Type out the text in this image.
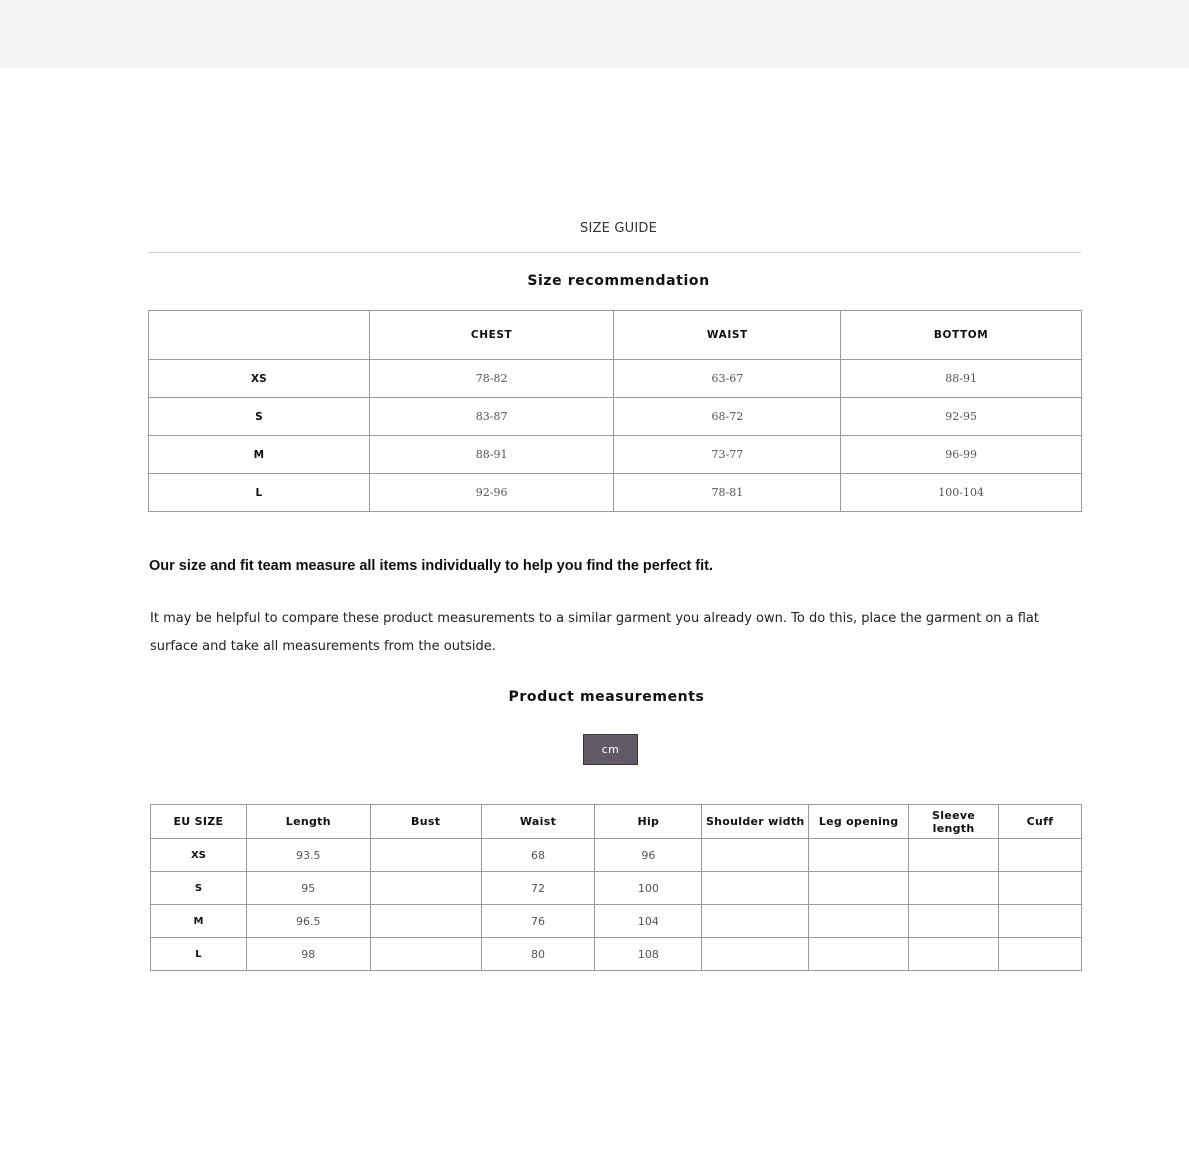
SIZE GUIDE
Size recommendation
	CHEST	WAIST	BOTTOM
XS	78-82	63-67	88-91
S	83-87	68-72	92-95
M	88-91	73-77	96-99
L	92-96	78-81	100-104
Our size and fit team measure all items individually to help you find the perfect fit.
It may be helpful to compare these product measurements to a similar garment you already own. To do this, place the garment on a flat surface and take all measurements from the outside.
Product measurements
cm
EU SIZE	Length	Bust	Waist	Hip	Shoulder width	Leg opening	Sleeve length	Cuff
XS	93.5		68	96				
S	95		72	100				
M	96.5		76	104				
L	98		80	108				
